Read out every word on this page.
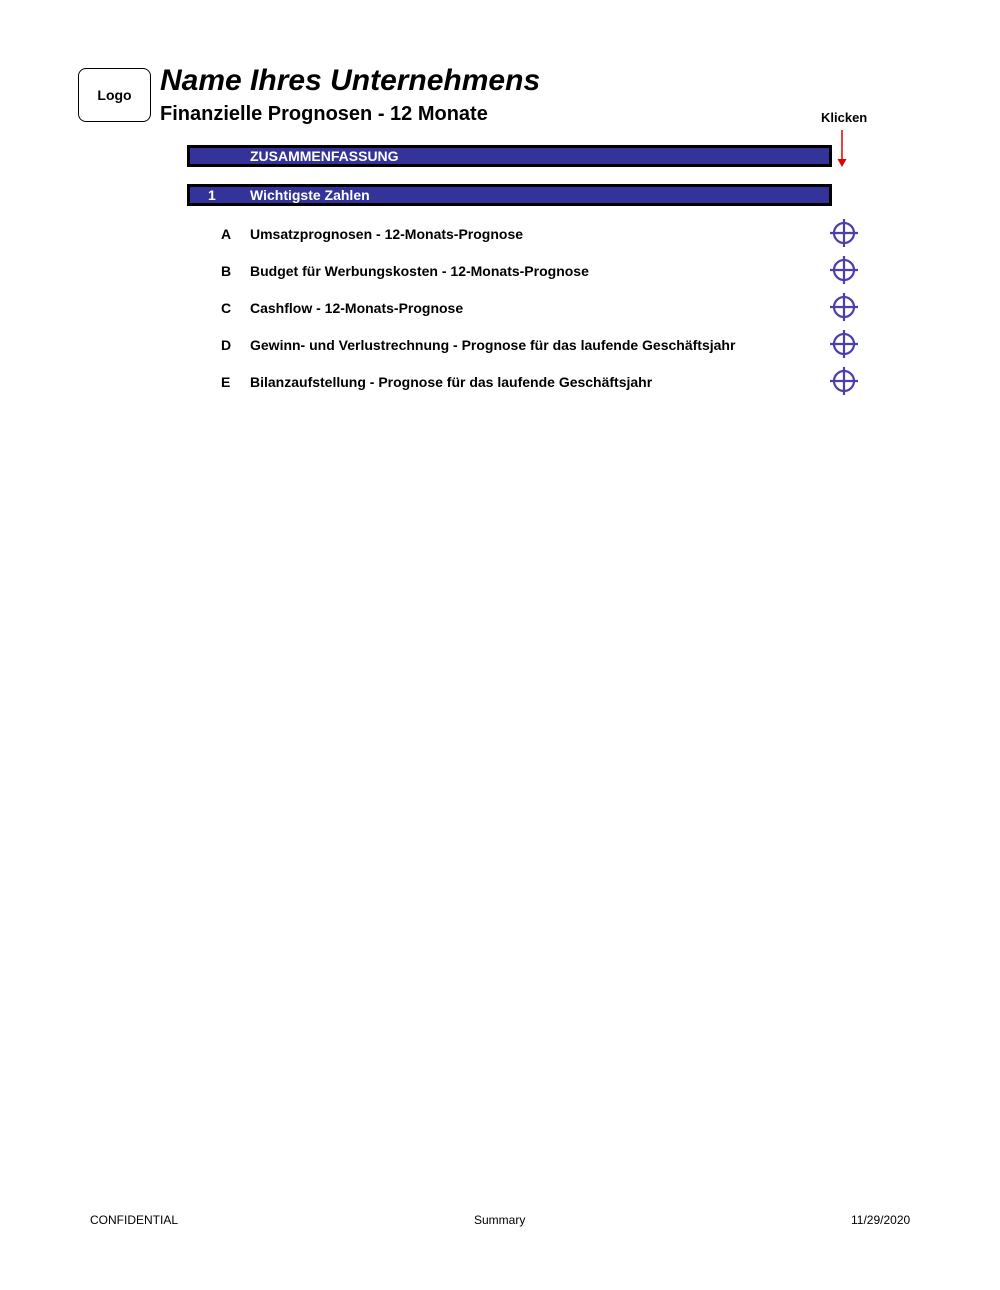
Logo Name Ihres Unternehmens
Finanzielle Prognosen - 12 Monate	Klicken
ZUSAMMENFASSUNG
1 Wichtigste Zahlen
A Umsatzprognosen - 12-Monats-Prognose
B Budget für Werbungskosten - 12-Monats-Prognose
C Cashflow - 12-Monats-Prognose
D Gewinn- und Verlustrechnung - Prognose für das laufende Geschäftsjahr
E Bilanzaufstellung - Prognose für das laufende Geschäftsjahr
CONFIDENTIAL	Summary	11/29/2020
